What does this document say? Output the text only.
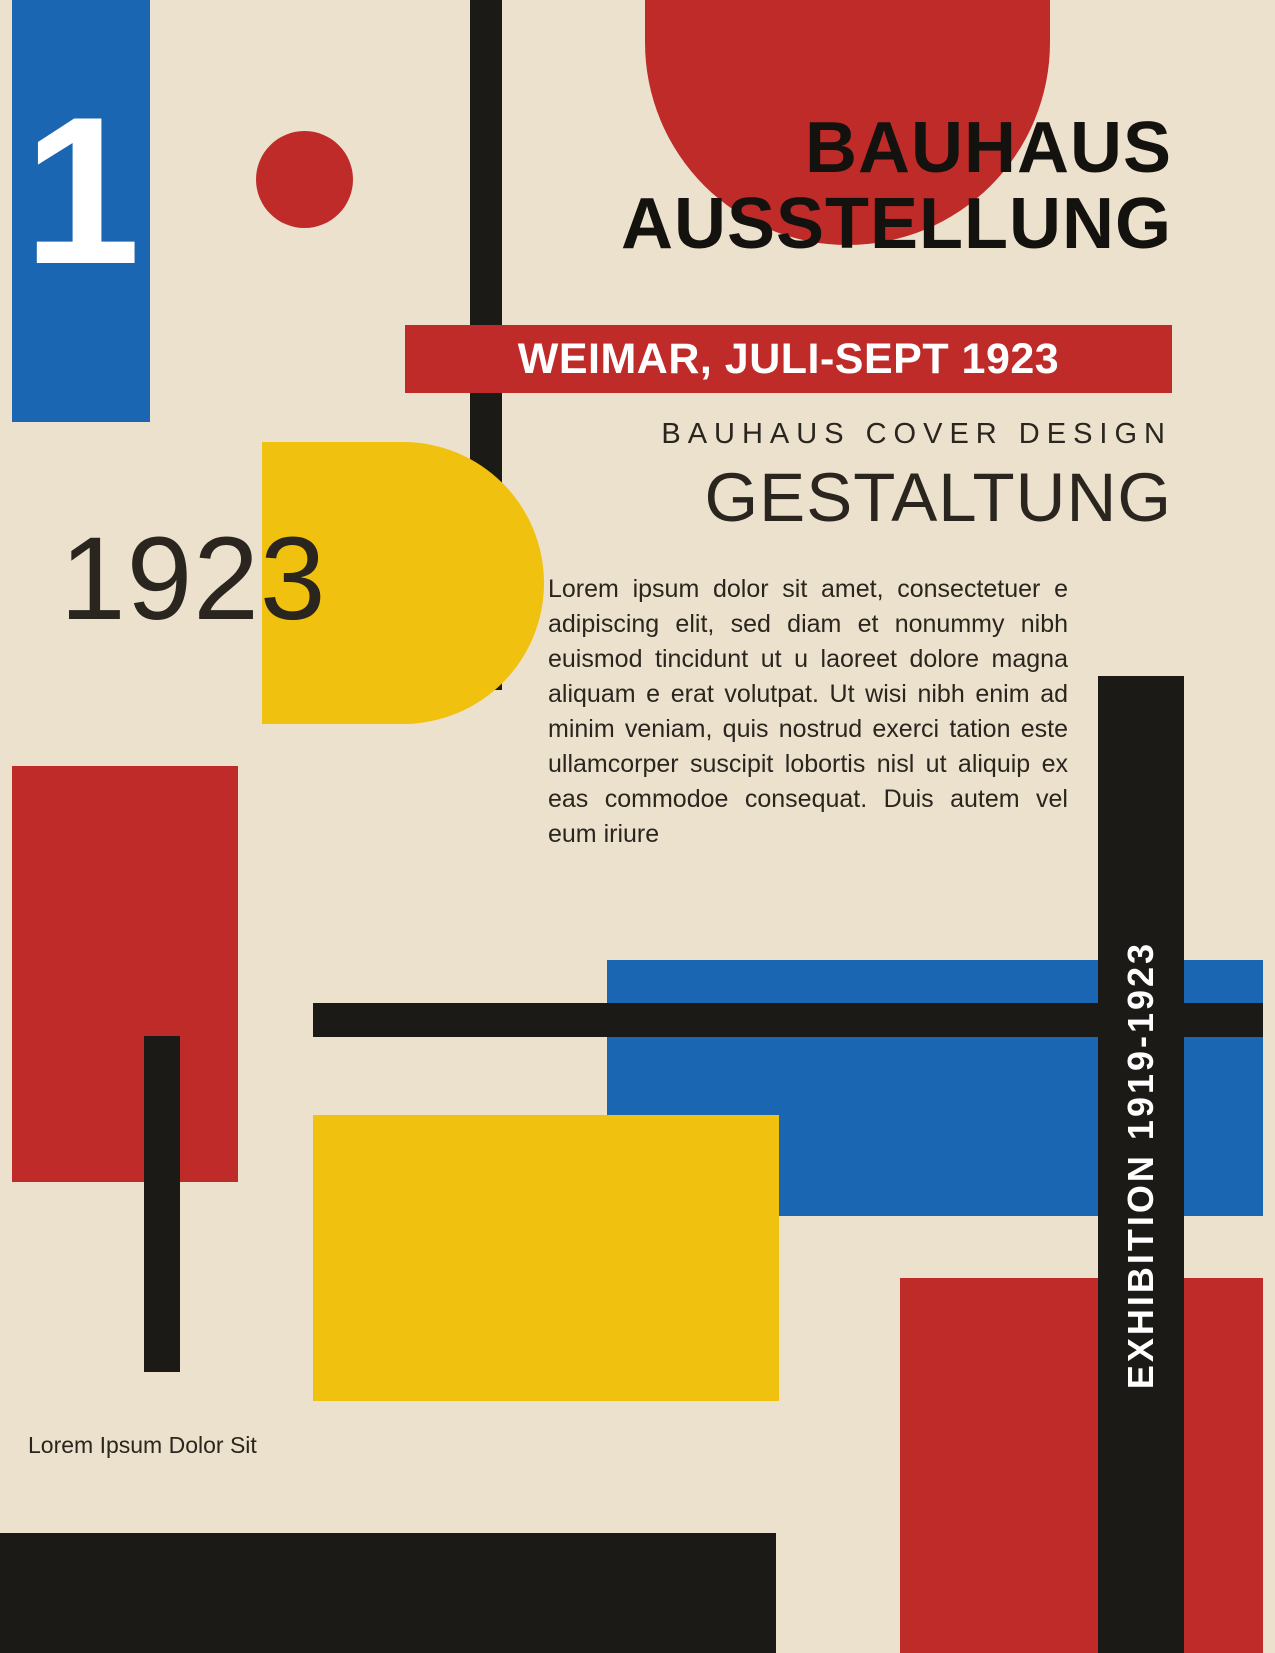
1
1923
EXHIBITION 1919-1923
BAUHAUS
AUSSTELLUNG
WEIMAR, JULI-SEPT 1923
BAUHAUS COVER DESIGN
GESTALTUNG
Lorem ipsum dolor sit amet, consectetuer e adipiscing elit, sed diam et nonummy nibh euismod tincidunt ut u laoreet dolore magna aliquam e erat volutpat. Ut wisi nibh enim ad minim veniam, quis nostrud exerci tation este ullamcorper suscipit lobortis nisl ut aliquip ex eas commodoe consequat. Duis autem vel eum iriure
Lorem Ipsum Dolor Sit
